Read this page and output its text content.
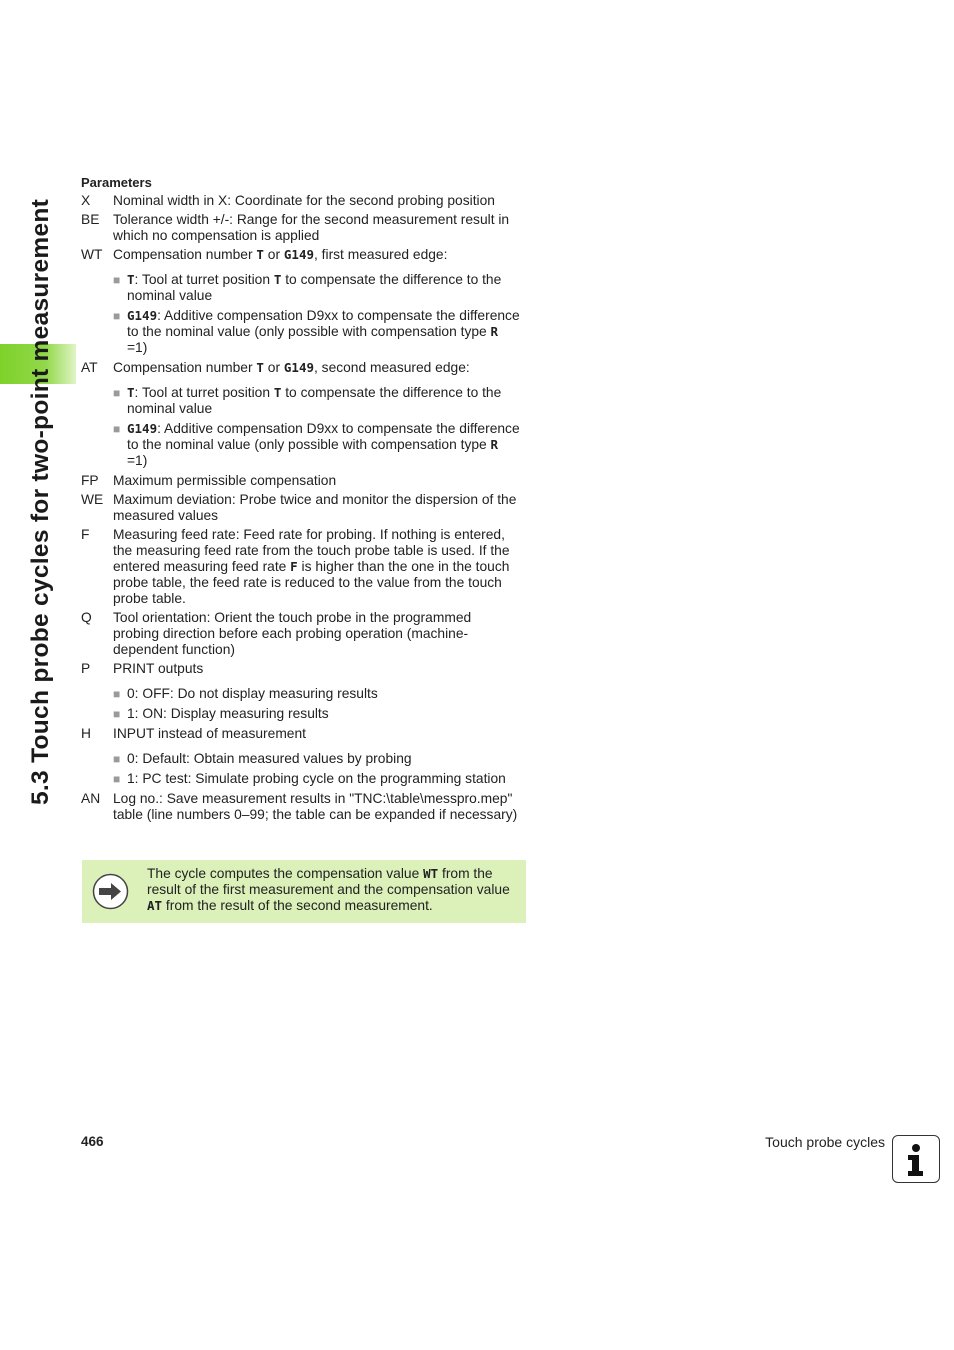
5.3 Touch probe cycles for two-point measurement
Parameters
X	Nominal width in X: Coordinate for the second probing position
BE Tolerance width +/-: Range for the second measurement result in which no compensation is applied
WT Compensation number T or G149, first measured edge:
■ T: Tool at turret position T to compensate the difference to the nominal value
■ G149: Additive compensation D9xx to compensate the difference to the nominal value (only possible with compensation type R =1)
AT	Compensation number T or G149, second measured edge:
■ T: Tool at turret position T to compensate the difference to the nominal value
■ G149: Additive compensation D9xx to compensate the difference to the nominal value (only possible with compensation type R =1)
FP	Maximum permissible compensation
WE Maximum deviation: Probe twice and monitor the dispersion of the measured values
F	Measuring feed rate: Feed rate for probing. If nothing is entered, the measuring feed rate from the touch probe table is used. If the entered measuring feed rate F is higher than the one in the touch probe table, the feed rate is reduced to the value from the touch probe table.
Q	Tool orientation: Orient the touch probe in the programmed probing direction before each probing operation (machine-dependent function)
P	PRINT outputs
■ 0: OFF: Do not display measuring results
■ 1: ON: Display measuring results
H	INPUT instead of measurement
■ 0: Default: Obtain measured values by probing
■ 1: PC test: Simulate probing cycle on the programming station
AN Log no.: Save measurement results in "TNC:\table\messpro.mep" table (line numbers 0–99; the table can be expanded if necessary)
The cycle computes the compensation value WT from the result of the first measurement and the compensation value AT from the result of the second measurement.
466	Touch probe cycles
